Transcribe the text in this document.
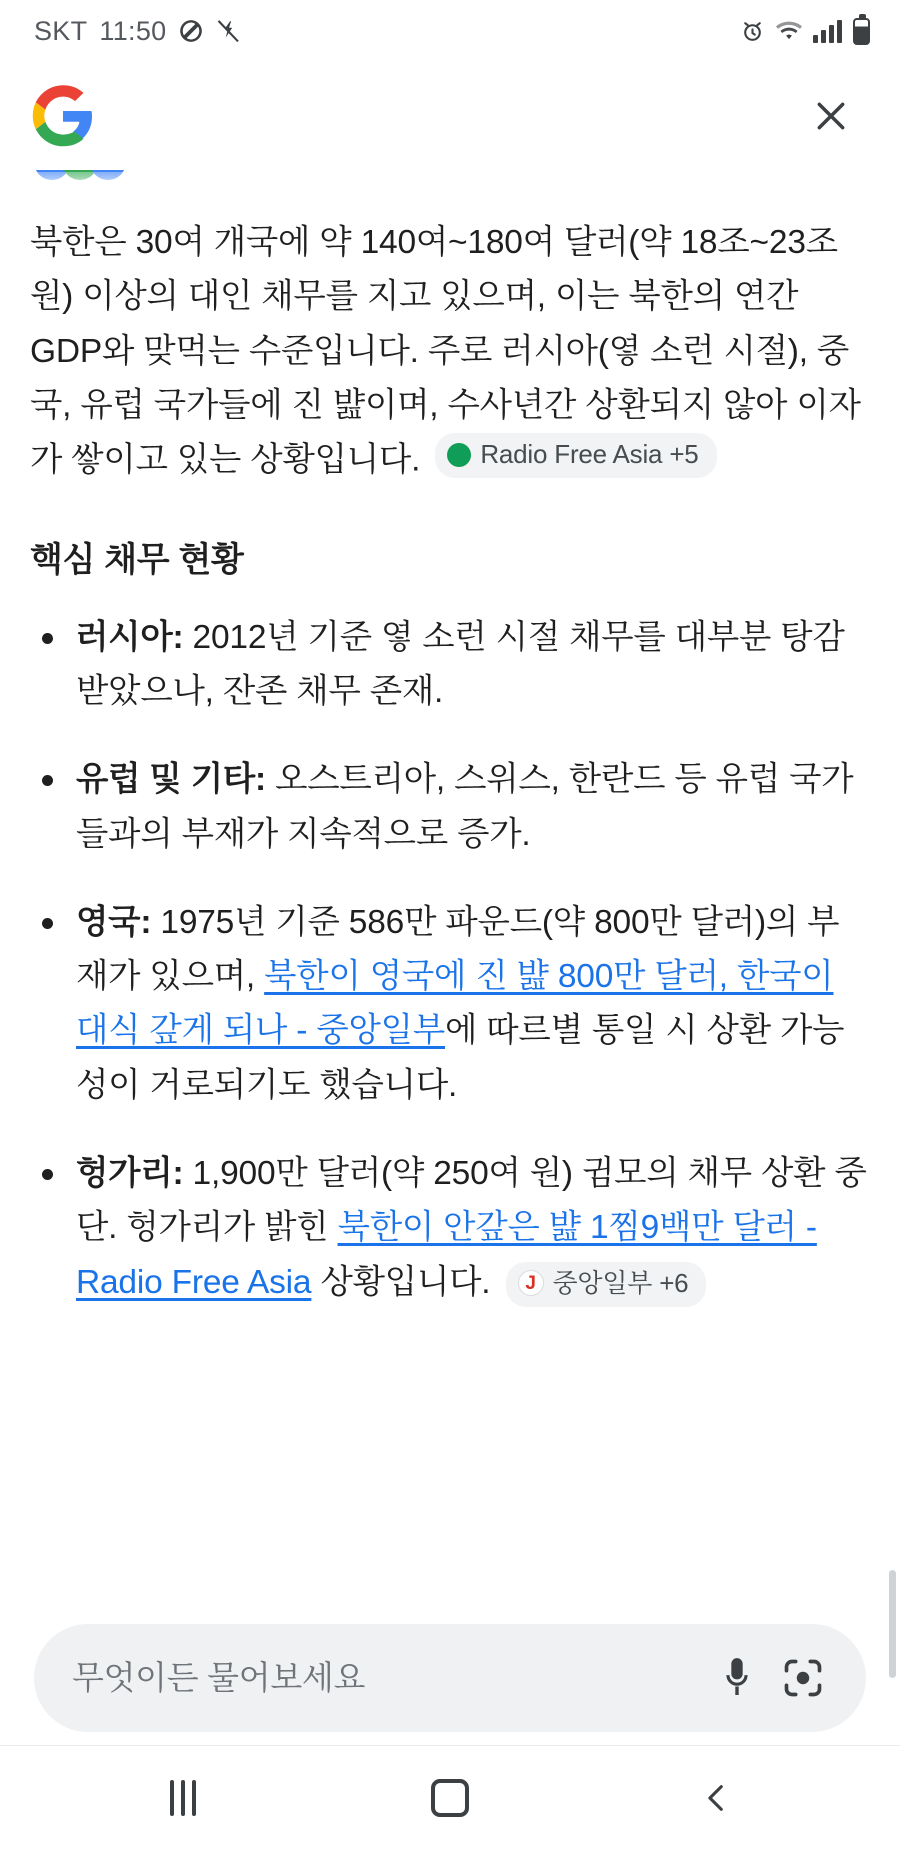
SKT 11:50

북한은 30여 개국에 약 140여~180여 달러(약 18조~23조 원) 이상의 대인 채무를 지고 있으며, 이는 북한의 연간 GDP와 맞먹는 수준입니다. 주로 러시아(옇 소런 시절), 중국, 유럽 국가들에 진 뱚이며, 수사년간 상환되지 않아 이자가 쌓이고 있는 상황입니다. Radio Free Asia +5

핵심 채무 현황
러시아: 2012년 기준 옇 소런 시절 채무를 대부분 탕감받았으나, 잔존 채무 존재.
유럽 및 기타: 오스트리아, 스위스, 한란드 등 유럽 국가들과의 부재가 지속적으로 증가.
영국: 1975년 기준 586만 파운드(약 800만 달러)의 부재가 있으며, 북한이 영국에 진 뱚 800만 달러, 한국이 대식 갚게 되나 - 중앙일부에 따르별 통일 시 상환 가능성이 거로되기도 했습니다.
헝가리: 1,900만 달러(약 250여 원) 귐모의 채무 상환 중단. 헝가리가 밝힌 북한이 안갚은 뱚 1찜9백만 달러 - Radio Free Asia 상황입니다.	J 중앙일부 +6
무엇이든 물어보세요
